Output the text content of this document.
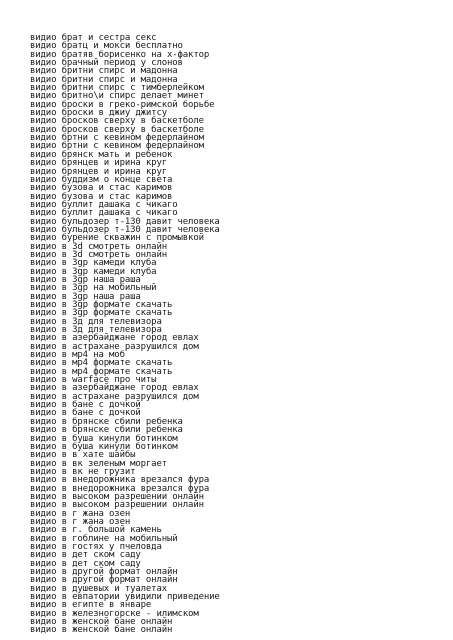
видио брат и сестра секс
видио братц и мокси бесплатно
видио братяв борисенко на х-фактор
видио брачный период у слонов
видио бритни спирс и мадонна
видио бритни спирс и мадонна
видио бритни спирс с тимберлейком
видио бритно\и спирс делает минет
видио броски в греко-римской борьбе
видио броски в джиу джитсу
видио бросков сверху в баскетболе
видио бросков сверху в баскетболе
видио бртни с кевином федерлайном
видио бртни с кевином федерлайном
видио брянск мать и ребенок
видио брянцев и ирина круг
видио брянцев и ирина круг
видио буддизм о конце света
видио бузова и стас каримов
видио бузова и стас каримов
видио буллит дашака с чикаго
видио буллит дашака с чикаго
видио бульдозер т-130 давит человека
видио бульдозер т-130 давит человека
видио бурение скважин с промывкой
видио в 3d смотреть онлайн
видио в 3d смотреть онлайн
видио в 3gp камеди клуба
видио в 3gp камеди клуба
видио в 3gp наша раша
видио в 3gp на мобильный
видио в 3gp наша раша
видио в 3gp формате скачать
видио в 3gp формате скачать
видио в 3д для телевизора
видио в 3д для телевизора
видио в азербайджане город евлах
видио в астрахане разрушился дом
видио в мр4 на моб
видио в мр4 формате скачать
видио в мр4 формате скачать
видио в warface про читы
видио в азербайджане город евлах
видио в астрахане разрушился дом
видио в бане с дочкой
видио в бане с дочкой
видио в брянске сбили ребенка
видио в брянске сбили ребенка
видио в буша кинули ботинком
видио в буша кинули ботинком
видио в в хате шайбы
видио в вк зеленым моргает
видио в вк не грузит
видио в внедорожника врезался фура
видио в внедорожника врезался фура
видио в высоком разрешении онлайн
видио в высоком разрешении онлайн
видио в г жана озен
видио в г жана озен
видио в г. большой камень
видио в гоблине на мобильный
видио в гостях у пчеловда
видио в дет ском саду
видио в дет ском саду
видио в другой формат онлайн
видио в другой формат онлайн
видио в душевых и туалетах
видио в евпатории увидили приведение
видио в египте в январе
видио в железногорске - илимском
видио в женской бане онлайн
видио в женской бане онлайн
